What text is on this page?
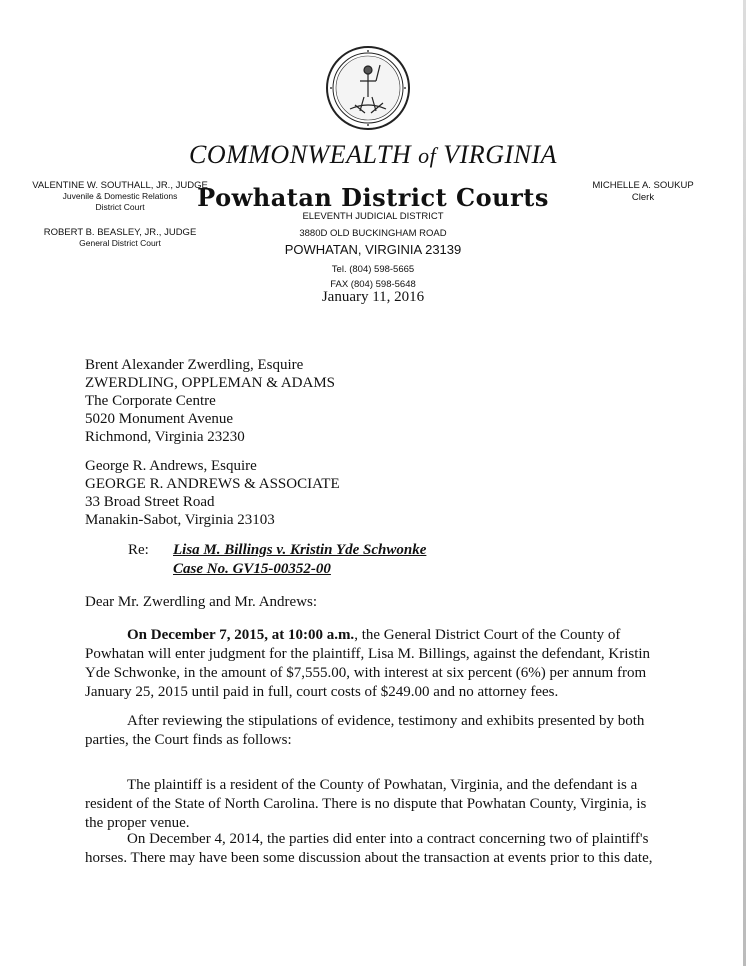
COMMONWEALTH of VIRGINIA
VALENTINE W. SOUTHALL, JR., JUDGE
Juvenile & Domestic Relations
District Court
ROBERT B. BEASLEY, JR., JUDGE
General District Court
MICHELLE A. SOUKUP
Clerk
Powhatan District Courts
ELEVENTH JUDICIAL DISTRICT
3880D OLD BUCKINGHAM ROAD
POWHATAN, VIRGINIA 23139
Tel. (804) 598-5665
FAX (804) 598-5648
January 11, 2016
Brent Alexander Zwerdling, Esquire
ZWERDLING, OPPLEMAN & ADAMS
The Corporate Centre
5020 Monument Avenue
Richmond, Virginia 23230
George R. Andrews, Esquire
GEORGE R. ANDREWS & ASSOCIATE
33 Broad Street Road
Manakin-Sabot, Virginia 23103
Re: Lisa M. Billings v. Kristin Yde Schwonke
Case No. GV15-00352-00
Dear Mr. Zwerdling and Mr. Andrews:
On December 7, 2015, at 10:00 a.m., the General District Court of the County of Powhatan will enter judgment for the plaintiff, Lisa M. Billings, against the defendant, Kristin Yde Schwonke, in the amount of $7,555.00, with interest at six percent (6%) per annum from January 25, 2015 until paid in full, court costs of $249.00 and no attorney fees.
After reviewing the stipulations of evidence, testimony and exhibits presented by both parties, the Court finds as follows:
The plaintiff is a resident of the County of Powhatan, Virginia, and the defendant is a resident of the State of North Carolina. There is no dispute that Powhatan County, Virginia, is the proper venue.
On December 4, 2014, the parties did enter into a contract concerning two of plaintiff's horses. There may have been some discussion about the transaction at events prior to this date,
